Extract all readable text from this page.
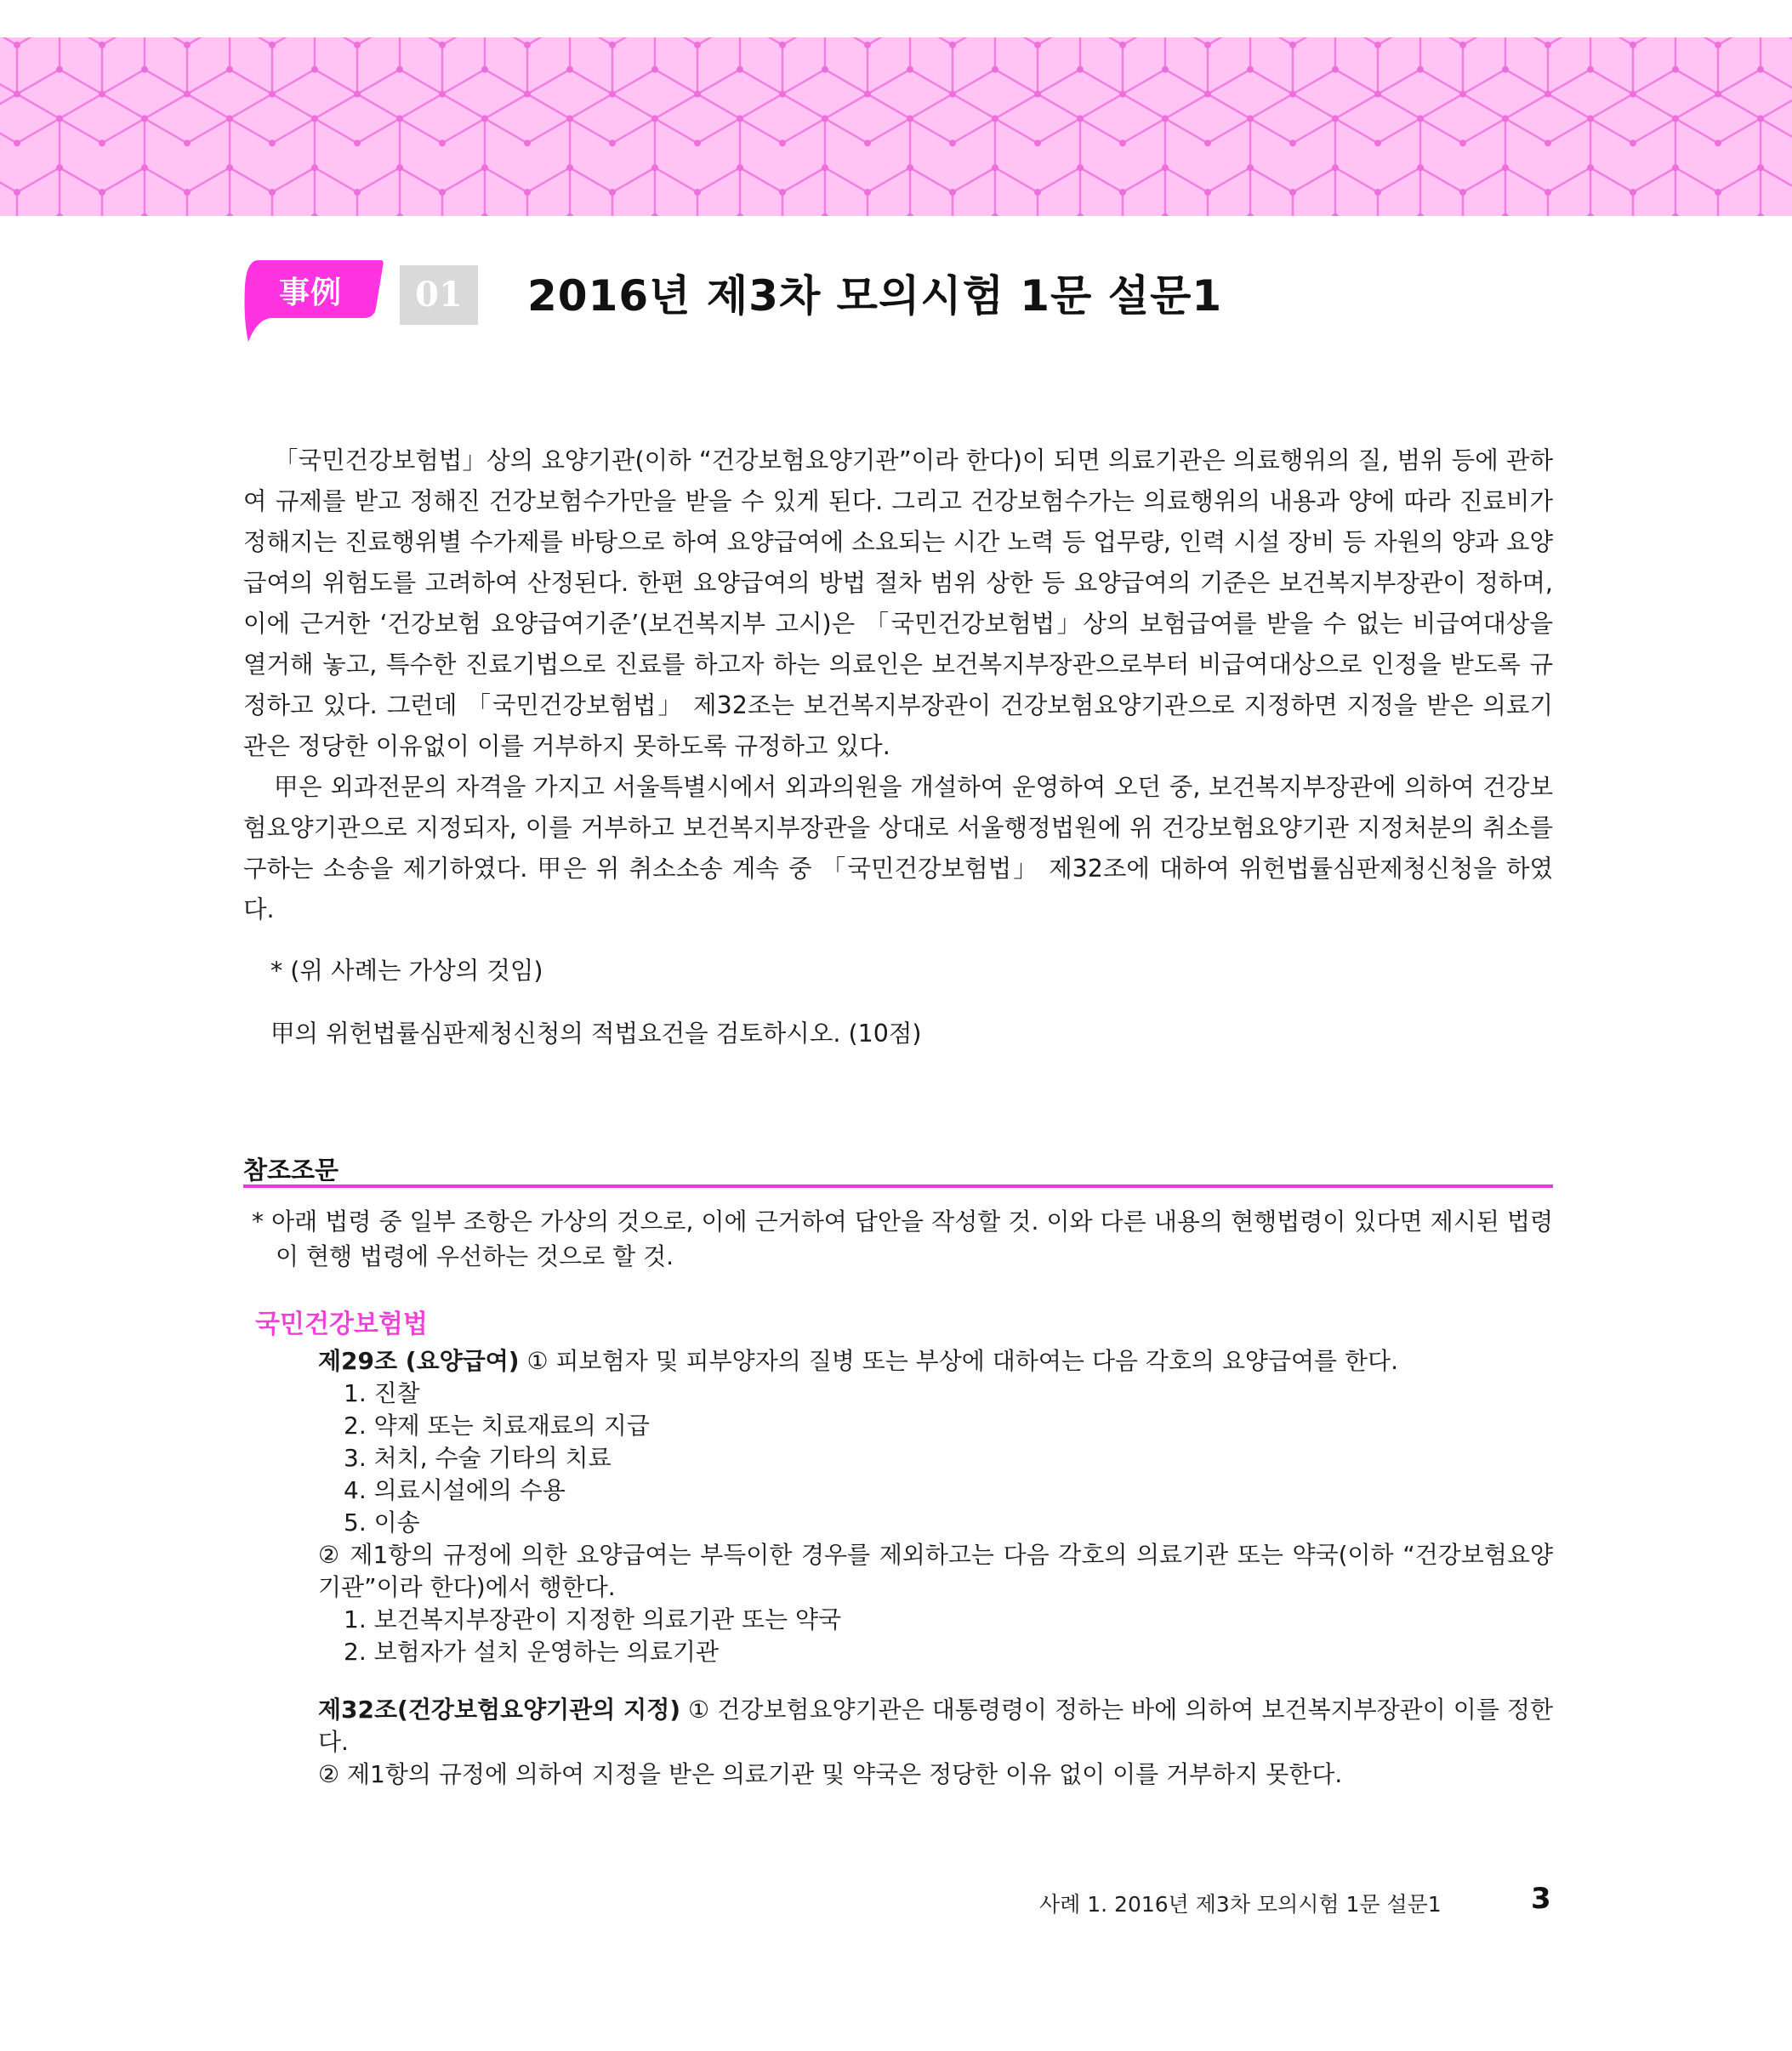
事例	01	2016년 제3차 모의시험 1문 설문1

「국민건강보험법」상의 요양기관(이하 “건강보험요양기관”이라 한다)이 되면 의료기관은 의료행위의 질, 범위 등에 관하여 규제를 받고 정해진 건강보험수가만을 받을 수 있게 된다. 그리고 건강보험수가는 의료행위의 내용과 양에 따라 진료비가 정해지는 진료행위별 수가제를 바탕으로 하여 요양급여에 소요되는 시간 노력 등 업무량, 인력 시설 장비 등 자원의 양과 요양급여의 위험도를 고려하여 산정된다. 한편 요양급여의 방법 절차 범위 상한 등 요양급여의 기준은 보건복지부장관이 정하며, 이에 근거한 ‘건강보험 요양급여기준’(보건복지부 고시)은 「국민건강보험법」상의 보험급여를 받을 수 없는 비급여대상을 열거해 놓고, 특수한 진료기법으로 진료를 하고자 하는 의료인은 보건복지부장관으로부터 비급여대상으로 인정을 받도록 규정하고 있다. 그런데 「국민건강보험법」 제32조는 보건복지부장관이 건강보험요양기관으로 지정하면 지정을 받은 의료기관은 정당한 이유없이 이를 거부하지 못하도록 규정하고 있다.

甲은 외과전문의 자격을 가지고 서울특별시에서 외과의원을 개설하여 운영하여 오던 중, 보건복지부장관에 의하여 건강보험요양기관으로 지정되자, 이를 거부하고 보건복지부장관을 상대로 서울행정법원에 위 건강보험요양기관 지정처분의 취소를 구하는 소송을 제기하였다. 甲은 위 취소소송 계속 중 「국민건강보험법」 제32조에 대하여 위헌법률심판제청신청을 하였다.

* (위 사례는 가상의 것임)

甲의 위헌법률심판제청신청의 적법요건을 검토하시오. (10점)

참조조문
* 아래 법령 중 일부 조항은 가상의 것으로, 이에 근거하여 답안을 작성할 것. 이와 다른 내용의 현행법령이 있다면 제시된 법령이 현행 법령에 우선하는 것으로 할 것.
국민건강보험법

제29조 (요양급여) ① 피보험자 및 피부양자의 질병 또는 부상에 대하여는 다음 각호의 요양급여를 한다.

1. 진찰
2. 약제 또는 치료재료의 지급
3. 처치, 수술 기타의 치료
4. 의료시설에의 수용
5. 이송

② 제1항의 규정에 의한 요양급여는 부득이한 경우를 제외하고는 다음 각호의 의료기관 또는 약국(이하 “건강보험요양기관”이라 한다)에서 행한다.

1. 보건복지부장관이 지정한 의료기관 또는 약국
2. 보험자가 설치 운영하는 의료기관

제32조(건강보험요양기관의 지정) ① 건강보험요양기관은 대통령령이 정하는 바에 의하여 보건복지부장관이 이를 정한다.

② 제1항의 규정에 의하여 지정을 받은 의료기관 및 약국은 정당한 이유 없이 이를 거부하지 못한다.

사례 1. 2016년 제3차 모의시험 1문 설문1	3
